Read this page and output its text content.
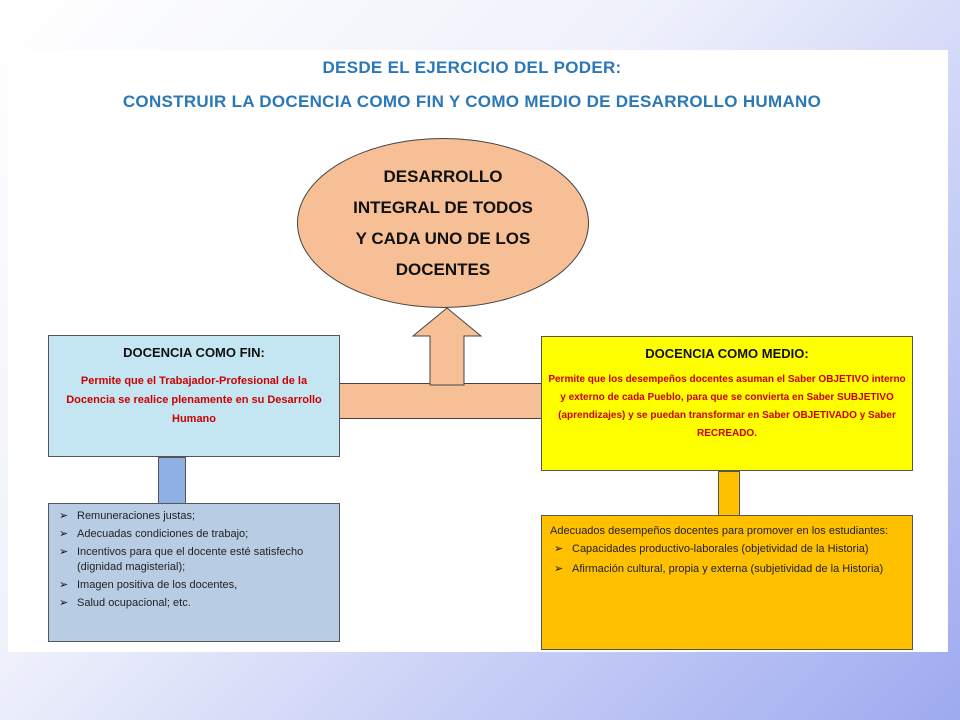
DESDE EL EJERCICIO DEL PODER:
CONSTRUIR LA DOCENCIA COMO FIN Y COMO MEDIO DE DESARROLLO HUMANO
DESARROLLO
INTEGRAL DE TODOS
Y CADA UNO DE LOS
DOCENTES
DOCENCIA COMO FIN:
Permite que el Trabajador-Profesional de la Docencia se realice plenamente en su Desarrollo Humano
DOCENCIA COMO MEDIO:
Permite que los desempeños docentes asuman el Saber OBJETIVO interno y externo de cada Pueblo, para que se convierta en Saber SUBJETIVO (aprendizajes) y se puedan transformar en Saber OBJETIVADO y Saber RECREADO.
➢ Remuneraciones justas;
➢ Adecuadas condiciones de trabajo;
➢ Incentivos para que el docente esté satisfecho (dignidad magisterial);
➢ Imagen positiva de los docentes,
➢ Salud ocupacional; etc.
Adecuados desempeños docentes para promover en los estudiantes:
➢ Capacidades productivo-laborales (objetividad de la Historia)
➢ Afirmación cultural, propia y externa (subjetividad de la Historia)
